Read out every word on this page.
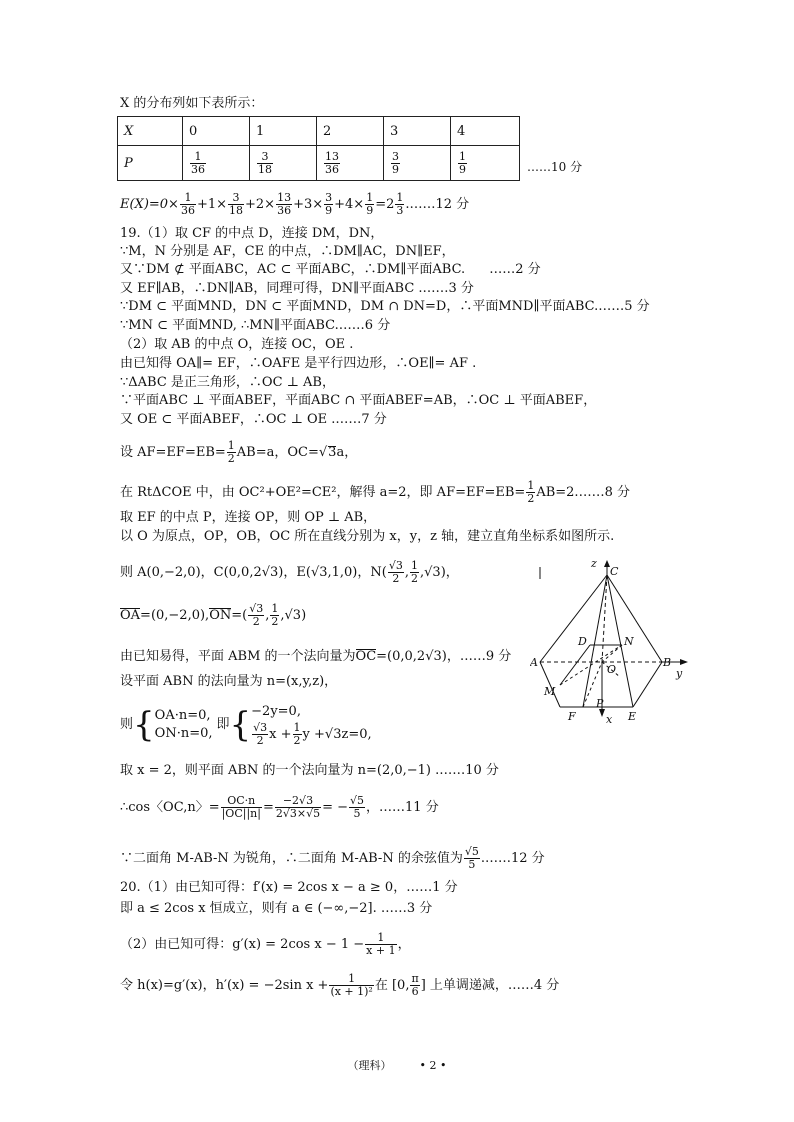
X 的分布列如下表所示：
X	0	1	2	3	4
P	$\frac{1}{36}$	$\frac{3}{18}$	$\frac{13}{36}$	$\frac{3}{9}$	$\frac{1}{9}$	……10 分
$E(X)=0\times \frac{1}{36} +1\times \frac{3}{18} +2\times \frac{13}{36} +3\times \frac{3}{9} +4\times \frac{1}{9} =2 \frac{1}{3}$ .……12 分
19.（1）取 CF 的中点 D，连接 DM，DN，
∵M，N 分别是 AF，CE 的中点，∴DM∥AC，DN∥EF，
又∵DM ⊄ 平面ABC，AC ⊂ 平面ABC，∴DM∥平面ABC. ……2 分
又 EF∥AB，∴DN∥AB，同理可得，DN∥平面ABC .……3 分
∵DM ⊂ 平面MND，DN ⊂ 平面MND，DM ∩ DN=D，∴平面MND∥平面ABC.……5 分
∵MN ⊂ 平面MND, ∴MN∥平面ABC.……6 分
（2）取 AB 的中点 O，连接 OC，OE .
由已知得 OA∥= EF，∴OAFE 是平行四边形，∴OE∥= AF .
∵ΔABC 是正三角形，∴OC ⊥ AB，
∵平面ABC ⊥ 平面ABEF，平面ABC ∩ 平面ABEF=AB，∴OC ⊥ 平面ABEF，
又 OE ⊂ 平面ABEF，∴OC ⊥ OE .……7 分
设 $AF=EF=EB= \frac{1}{2} AB=a$，OC=√3a，
在 RtΔCOE 中，由 OC²+OE²=CE²，解得 a=2，即 $AF=EF=EB= \frac{1}{2}$ AB=2.……8 分
取 EF 的中点 P，连接 OP，则 OP ⊥ AB，
以 O 为原点，OP，OB，OC 所在直线分别为 x，y，z 轴，建立直角坐标系如图所示.
则 A(0,−2,0)，C(0,0,2√3)，E(√3,1,0)，$N( \frac{√3}{2}$ , $\frac{1}{2} ,√3$)，
$OA=(0,-2,0),ON=( \frac{√3}{2}$ , $\frac{1}{2} ,√3$)
由已知易得，平面 ABM 的一个法向量为OC=(0,0,2√3)，……9 分
设平面 ABN 的法向量为 n=(x,y,z)，
则{ OA·n=0,
ON·n=0,
即{ −2y=0,
$\frac{√3}{2}$ $x + \frac{1}{2}$ y +√3z=0,
取 x = 2，则平面 ABN 的一个法向量为 n=(2,0,−1) .……10 分
∴cos〈OC,n〉= $\frac{OC\cdot n}{|OC||n|} = \frac{-2√3}{2√3\times√5}$ = − $\frac{√5}{5}$ ，……11 分
∵二面角 M-AB-N 为锐角，∴二面角 M-AB-N 的余弦值为 $\frac{√5}{5}$ .……12 分
20.（1）由已知可得：f′(x) = 2cos x − a ≥ 0，……1 分
即 a ≤ 2cos x 恒成立，则有 a ∈ (−∞,−2]. ……3 分
（2）由已知可得：g′(x) = 2cos $x - 1 - \frac{1}{x + 1}$ ，
令 h(x)=g′(x)，h′(x) = −2sin $x + \frac{1}{\text{(x + 1)²}}$ 在 [0, $\frac{\pi}{6}$ ] 上单调递减，……4 分
z
C
D	N
A
O
B
y
M
F
P
E
x
（理科）	• 2 •
